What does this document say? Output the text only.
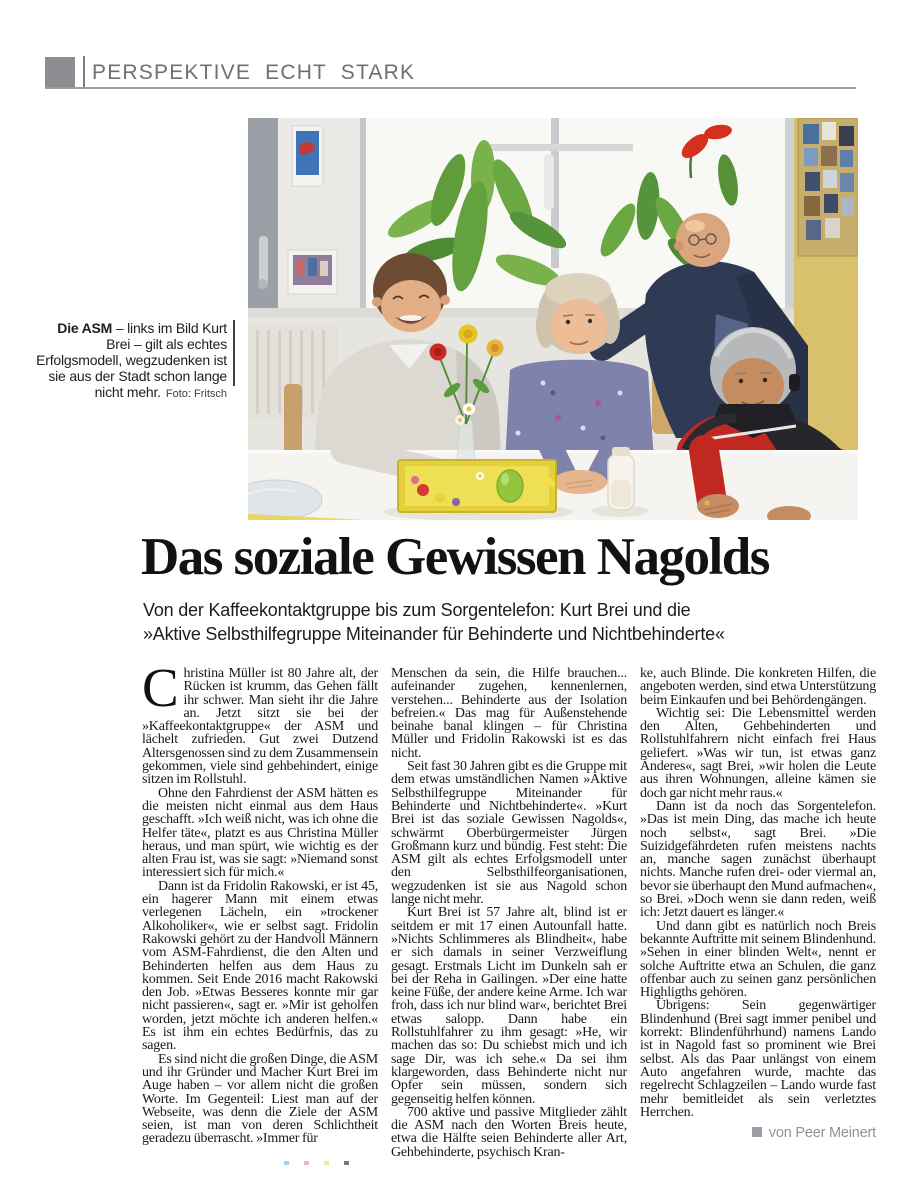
PERSPEKTIVE ECHT STARK
Die ASM – links im Bild Kurt Brei – gilt als echtes Erfolgsmodell, wegzudenken ist sie aus der Stadt schon lange nicht mehr. Foto: Fritsch
Das soziale Gewissen Nagolds
Von der Kaffeekontaktgruppe bis zum Sorgentelefon: Kurt Brei und die
»Aktive Selbsthilfegruppe Miteinander für Behinderte und Nichtbehinderte«

Christina Müller ist 80 Jahre alt, der Rücken ist krumm, das Gehen fällt ihr schwer. Man sieht ihr die Jahre an. Jetzt sitzt sie bei der »Kaffeekontaktgruppe« der ASM und lächelt zufrieden. Gut zwei Dutzend Altersgenossen sind zu dem Zusammensein gekommen, viele sind gehbehindert, einige sitzen im Rollstuhl.

Ohne den Fahrdienst der ASM hätten es die meisten nicht einmal aus dem Haus geschafft. »Ich weiß nicht, was ich ohne die Helfer täte«, platzt es aus Christina Müller heraus, und man spürt, wie wichtig es der alten Frau ist, was sie sagt: »Niemand sonst interessiert sich für mich.«

Dann ist da Fridolin Rakowski, er ist 45, ein hagerer Mann mit einem etwas verlegenen Lächeln, ein »trockener Alkoholiker«, wie er selbst sagt. Fridolin Rakowski gehört zu der Handvoll Männern vom ASM-Fahrdienst, die den Alten und Behinderten helfen aus dem Haus zu kommen. Seit Ende 2016 macht Rakowski den Job. »Etwas Besseres konnte mir gar nicht passieren«, sagt er. »Mir ist geholfen worden, jetzt möchte ich anderen helfen.« Es ist ihm ein echtes Bedürfnis, das zu sagen.

Es sind nicht die großen Dinge, die ASM und ihr Gründer und Macher Kurt Brei im Auge haben – vor allem nicht die großen Worte. Im Gegenteil: Liest man auf der Webseite, was denn die Ziele der ASM seien, ist man von deren Schlichtheit geradezu überrascht. »Immer für

Menschen da sein, die Hilfe brauchen... aufeinander zugehen, kennenlernen, verstehen... Behinderte aus der Isolation befreien.« Das mag für Außenstehende beinahe banal klingen – für Christina Müller und Fridolin Rakowski ist es das nicht.

Seit fast 30 Jahren gibt es die Gruppe mit dem etwas umständlichen Namen »Aktive Selbsthilfegruppe Miteinander für Behinderte und Nichtbehinderte«. »Kurt Brei ist das soziale Gewissen Nagolds«, schwärmt Oberbürgermeister Jürgen Großmann kurz und bündig. Fest steht: Die ASM gilt als echtes Erfolgsmodell unter den Selbsthilfeorganisationen, wegzudenken ist sie aus Nagold schon lange nicht mehr.

Kurt Brei ist 57 Jahre alt, blind ist er seitdem er mit 17 einen Autounfall hatte. »Nichts Schlimmeres als Blindheit«, habe er sich damals in seiner Verzweiflung gesagt. Erstmals Licht im Dunkeln sah er bei der Reha in Gailingen. »Der eine hatte keine Füße, der andere keine Arme. Ich war froh, dass ich nur blind war«, berichtet Brei etwas salopp. Dann habe ein Rollstuhlfahrer zu ihm gesagt: »He, wir machen das so: Du schiebst mich und ich sage Dir, was ich sehe.« Da sei ihm klargeworden, dass Behinderte nicht nur Opfer sein müssen, sondern sich gegenseitig helfen können.

700 aktive und passive Mitglieder zählt die ASM nach den Worten Breis heute, etwa die Hälfte seien Behinderte aller Art, Gehbehinderte, psychisch Kran-

ke, auch Blinde. Die konkreten Hilfen, die angeboten werden, sind etwa Unterstützung beim Einkaufen und bei Behördengängen.

Wichtig sei: Die Lebensmittel werden den Alten, Gehbehinderten und Rollstuhlfahrern nicht einfach frei Haus geliefert. »Was wir tun, ist etwas ganz Anderes«, sagt Brei, »wir holen die Leute aus ihren Wohnungen, alleine kämen sie doch gar nicht mehr raus.«

Dann ist da noch das Sorgentelefon. »Das ist mein Ding, das mache ich heute noch selbst«, sagt Brei. »Die Suizidgefährdeten rufen meistens nachts an, manche sagen zunächst überhaupt nichts. Manche rufen drei- oder viermal an, bevor sie überhaupt den Mund aufmachen«, so Brei. »Doch wenn sie dann reden, weiß ich: Jetzt dauert es länger.«

Und dann gibt es natürlich noch Breis bekannte Auftritte mit seinem Blindenhund. »Sehen in einer blinden Welt«, nennt er solche Auftritte etwa an Schulen, die ganz offenbar auch zu seinen ganz persönlichen Highligths gehören.

Übrigens: Sein gegenwärtiger Blindenhund (Brei sagt immer penibel und korrekt: Blindenführhund) namens Lando ist in Nagold fast so prominent wie Brei selbst. Als das Paar unlängst von einem Auto angefahren wurde, machte das regelrecht Schlagzeilen – Lando wurde fast mehr bemitleidet als sein verletztes Herrchen.

von Peer Meinert
